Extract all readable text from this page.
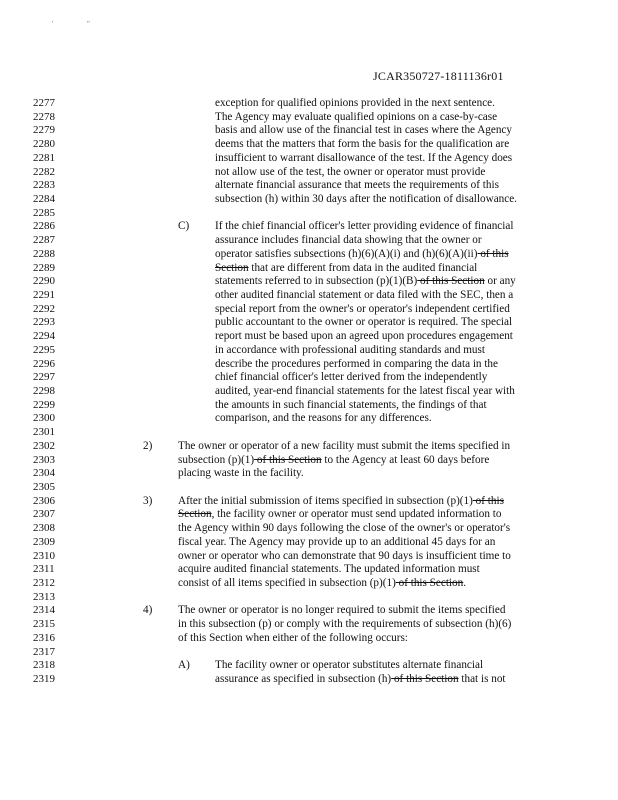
'	"
JCAR350727-1811136r01
2277
2278
2279
2280
2281
2282
2283
2284
2285
2286
2287
2288
2289
2290
2291
2292
2293
2294
2295
2296
2297
2298
2299
2300
2301
2302
2303
2304
2305
2306
2307
2308
2309
2310
2311
2312
2313
2314
2315
2316
2317
2318
2319
exception for qualified opinions provided in the next sentence.
The Agency may evaluate qualified opinions on a case-by-case
basis and allow use of the financial test in cases where the Agency
deems that the matters that form the basis for the qualification are
insufficient to warrant disallowance of the test. If the Agency does
not allow use of the test, the owner or operator must provide
alternate financial assurance that meets the requirements of this
subsection (h) within 30 days after the notification of disallowance.
C) If the chief financial officer's letter providing evidence of financial
assurance includes financial data showing that the owner or
operator satisfies subsections (h)(6)(A)(i) and (h)(6)(A)(ii) of this
Section that are different from data in the audited financial
statements referred to in subsection (p)(1)(B) of this Section or any
other audited financial statement or data filed with the SEC, then a
special report from the owner's or operator's independent certified
public accountant to the owner or operator is required. The special
report must be based upon an agreed upon procedures engagement
in accordance with professional auditing standards and must
describe the procedures performed in comparing the data in the
chief financial officer's letter derived from the independently
audited, year-end financial statements for the latest fiscal year with
the amounts in such financial statements, the findings of that
comparison, and the reasons for any differences.
2) The owner or operator of a new facility must submit the items specified in
subsection (p)(1) of this Section to the Agency at least 60 days before
placing waste in the facility.
3) After the initial submission of items specified in subsection (p)(1) of this
Section, the facility owner or operator must send updated information to
the Agency within 90 days following the close of the owner's or operator's
fiscal year. The Agency may provide up to an additional 45 days for an
owner or operator who can demonstrate that 90 days is insufficient time to
acquire audited financial statements. The updated information must
consist of all items specified in subsection (p)(1) of this Section.
4) The owner or operator is no longer required to submit the items specified
in this subsection (p) or comply with the requirements of subsection (h)(6)
of this Section when either of the following occurs:
A) The facility owner or operator substitutes alternate financial
assurance as specified in subsection (h) of this Section that is not
